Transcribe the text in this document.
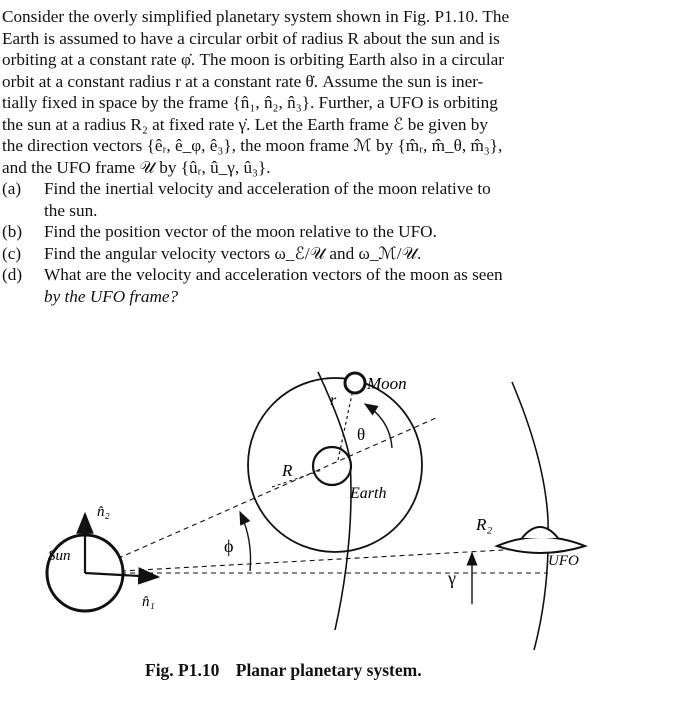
Consider the overly simplified planetary system shown in Fig. P1.10. The
Earth is assumed to have a circular orbit of radius R about the sun and is
orbiting at a constant rate φ̇. The moon is orbiting Earth also in a circular
orbit at a constant radius r at a constant rate θ̇. Assume the sun is iner-
tially fixed in space by the frame {n̂₁, n̂₂, n̂₃}. Further, a UFO is orbiting
the sun at a radius R₂ at fixed rate γ̇. Let the Earth frame ℰ be given by
the direction vectors {êᵣ, ê_φ, ê₃}, the moon frame ℳ by {m̂ᵣ, m̂_θ, m̂₃},
and the UFO frame 𝒰 by {ûᵣ, û_γ, û₃}.

(a) Find the inertial velocity and acceleration of the moon relative to
the sun.

(b) Find the position vector of the moon relative to the UFO.

(c) Find the angular velocity vectors ω_ℰ/𝒰 and ω_ℳ/𝒰.

(d) What are the velocity and acceleration vectors of the moon as seen
by the UFO frame?

Moon
r
θ
R
Earth
n̂₂
ϕ
R₂
Sun
n̂₁
γ
UFO
Fig. P1.10 Planar planetary system.
